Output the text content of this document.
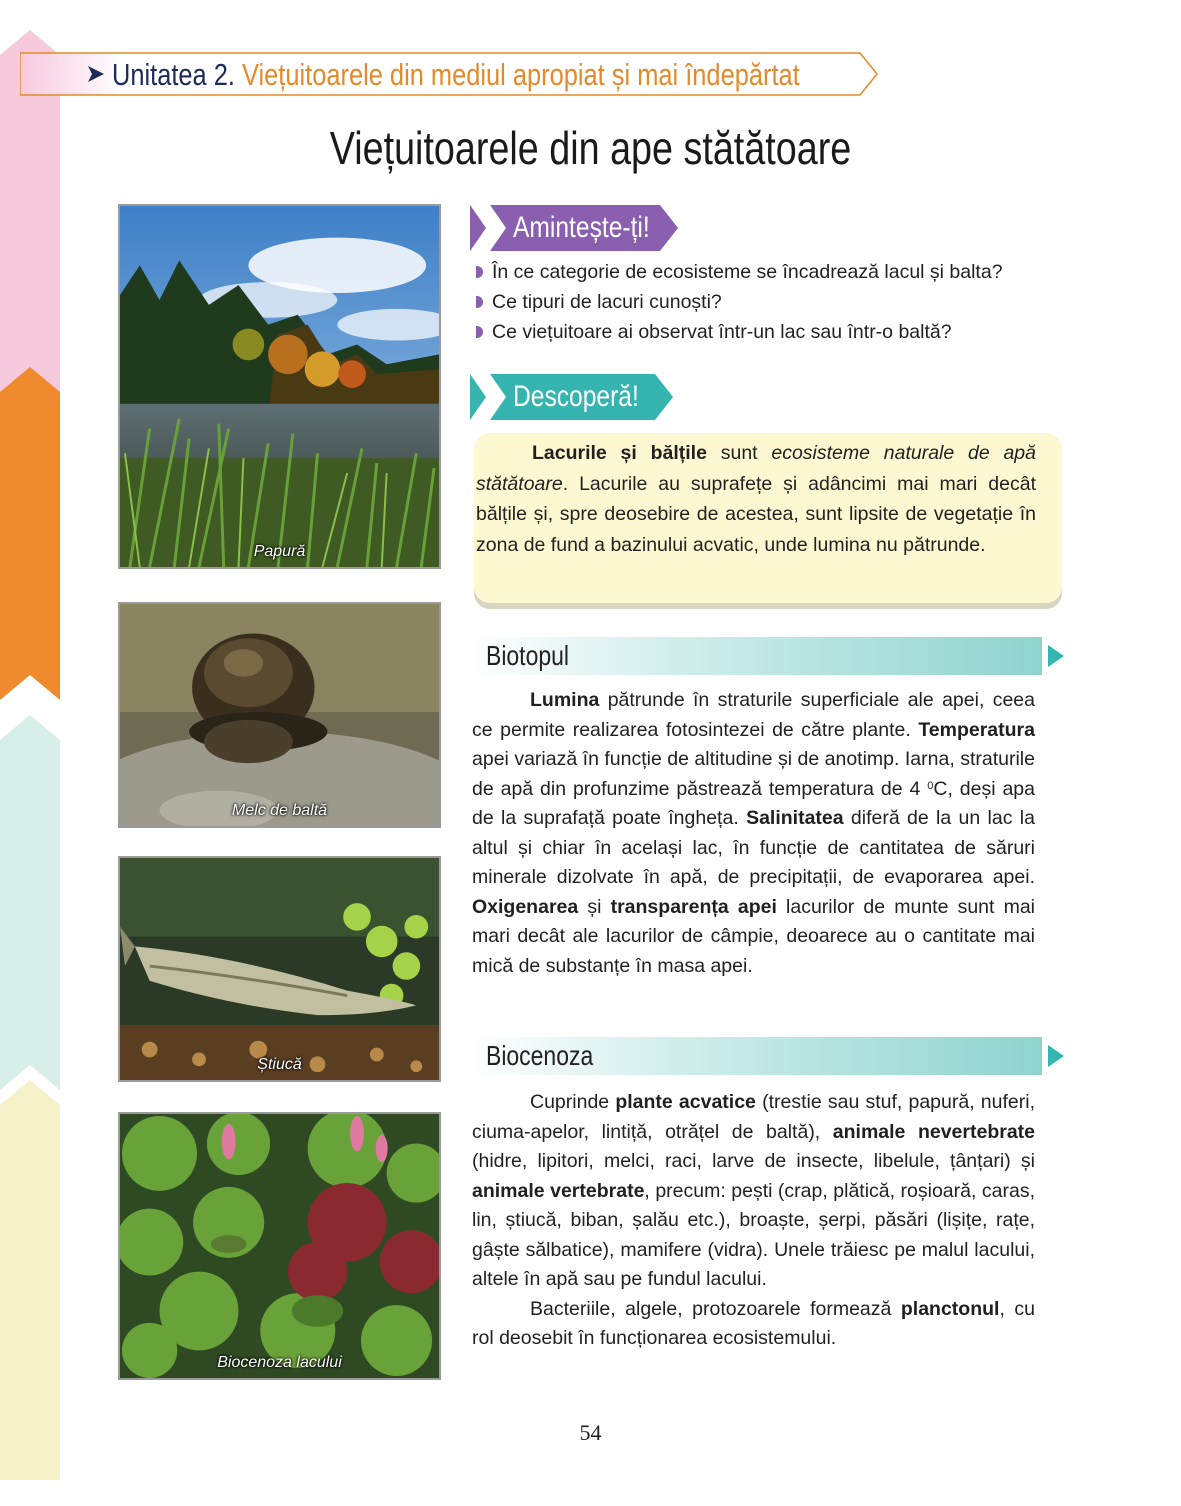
Unitatea 2. Viețuitoarele din mediul apropiat și mai îndepărtat
Viețuitoarele din ape stătătoare
Papură
Melc de baltă
Știucă
Biocenoza lacului
Amintește-ți!
În ce categorie de ecosisteme se încadrează lacul și balta?
Ce tipuri de lacuri cunoști?
Ce viețuitoare ai observat într-un lac sau într-o baltă?
Descoperă!
Lacurile și bălțile sunt ecosisteme naturale de apă stătătoare. Lacurile au suprafețe și adâncimi mai mari decât bălțile și, spre deosebire de acestea, sunt lipsite de vegetație în zona de fund a bazinului acvatic, unde lumina nu pătrunde.
Biotopul

Lumina pătrunde în straturile superficiale ale apei, ceea ce permite realizarea fotosintezei de către plante. Temperatura apei variază în funcție de altitudine și de anotimp. Iarna, straturile de apă din profunzime păstrează temperatura de 4 $^0$C, deși apa de la suprafață poate îngheța. Salinitatea diferă de la un lac la altul și chiar în același lac, în funcție de cantitatea de săruri minerale dizolvate în apă, de precipitații, de evaporarea apei. Oxigenarea și transparența apei lacurilor de munte sunt mai mari decât ale lacurilor de câmpie, deoarece au o cantitate mai mică de substanțe în masa apei.

Biocenoza

Cuprinde plante acvatice (trestie sau stuf, papură, nuferi, ciuma-apelor, lintiță, otrățel de baltă), animale nevertebrate (hidre, lipitori, melci, raci, larve de insecte, libelule, țânțari) și animale vertebrate, precum: pești (crap, plătică, roșioară, caras, lin, știucă, biban, șalău etc.), broaște, șerpi, păsări (lișițe, rațe, gâște sălbatice), mamifere (vidra). Unele trăiesc pe malul lacului, altele în apă sau pe fundul lacului.

Bacteriile, algele, protozoarele formează planctonul, cu rol deosebit în funcționarea ecosistemului.

54
